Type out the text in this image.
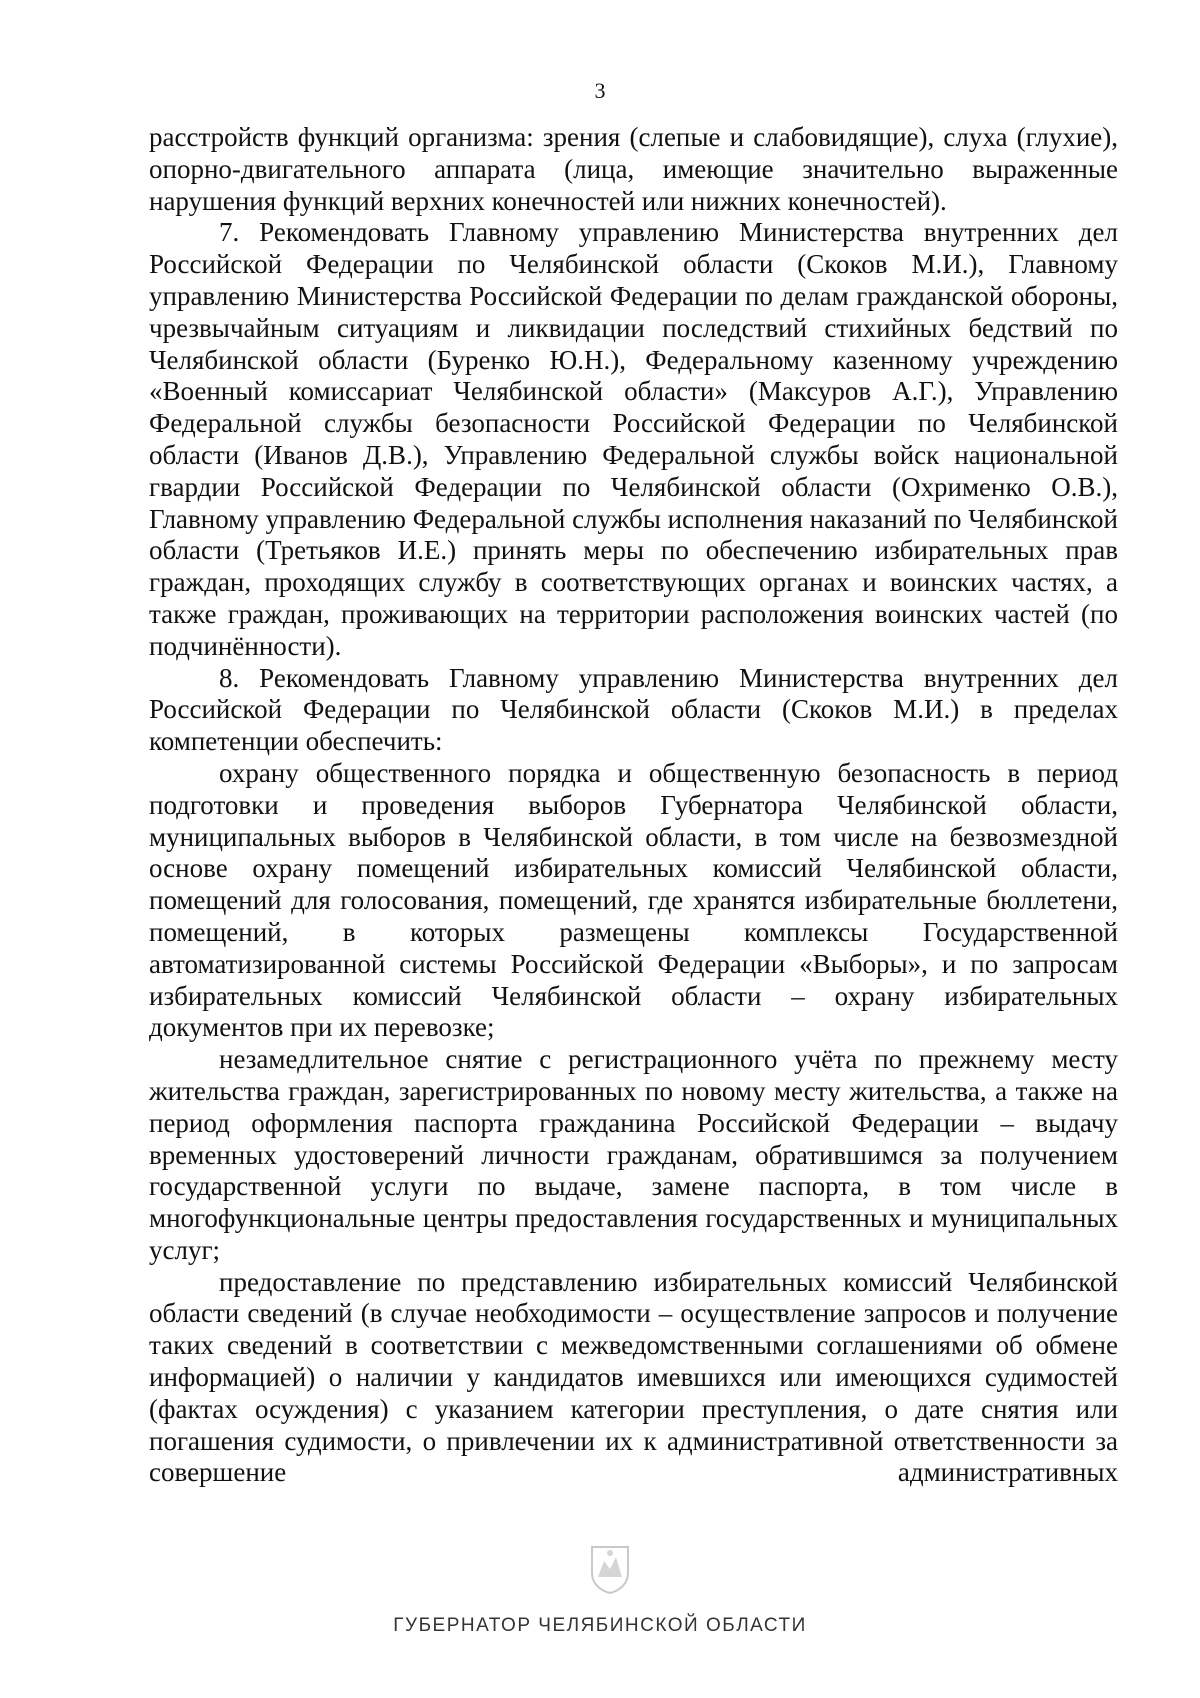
3

расстройств функций организма: зрения (слепые и слабовидящие), слуха (глухие), опорно-двигательного аппарата (лица, имеющие значительно выраженные нарушения функций верхних конечностей или нижних конечностей).

7. Рекомендовать Главному управлению Министерства внутренних дел Российской Федерации по Челябинской области (Скоков М.И.), Главному управлению Министерства Российской Федерации по делам гражданской обороны, чрезвычайным ситуациям и ликвидации последствий стихийных бедствий по Челябинской области (Буренко Ю.Н.), Федеральному казенному учреждению «Военный комиссариат Челябинской области» (Максуров А.Г.), Управлению Федеральной службы безопасности Российской Федерации по Челябинской области (Иванов Д.В.), Управлению Федеральной службы войск национальной гвардии Российской Федерации по Челябинской области (Охрименко О.В.), Главному управлению Федеральной службы исполнения наказаний по Челябинской области (Третьяков И.Е.) принять меры по обеспечению избирательных прав граждан, проходящих службу в соответствующих органах и воинских частях, а также граждан, проживающих на территории расположения воинских частей (по подчинённости).

8. Рекомендовать Главному управлению Министерства внутренних дел Российской Федерации по Челябинской области (Скоков М.И.) в пределах компетенции обеспечить:

охрану общественного порядка и общественную безопасность в период подготовки и проведения выборов Губернатора Челябинской области, муниципальных выборов в Челябинской области, в том числе на безвозмездной основе охрану помещений избирательных комиссий Челябинской области, помещений для голосования, помещений, где хранятся избирательные бюллетени, помещений, в которых размещены комплексы Государственной автоматизированной системы Российской Федерации «Выборы», и по запросам избирательных комиссий Челябинской области – охрану избирательных документов при их перевозке;

незамедлительное снятие с регистрационного учёта по прежнему месту жительства граждан, зарегистрированных по новому месту жительства, а также на период оформления паспорта гражданина Российской Федерации – выдачу временных удостоверений личности гражданам, обратившимся за получением государственной услуги по выдаче, замене паспорта, в том числе в многофункциональные центры предоставления государственных и муниципальных услуг;

предоставление по представлению избирательных комиссий Челябинской области сведений (в случае необходимости – осуществление запросов и получение таких сведений в соответствии с межведомственными соглашениями об обмене информацией) о наличии у кандидатов имевшихся или имеющихся судимостей (фактах осуждения) с указанием категории преступления, о дате снятия или погашения судимости, о привлечении их к административной ответственности за совершение административных

ГУБЕРНАТОР ЧЕЛЯБИНСКОЙ ОБЛАСТИ
